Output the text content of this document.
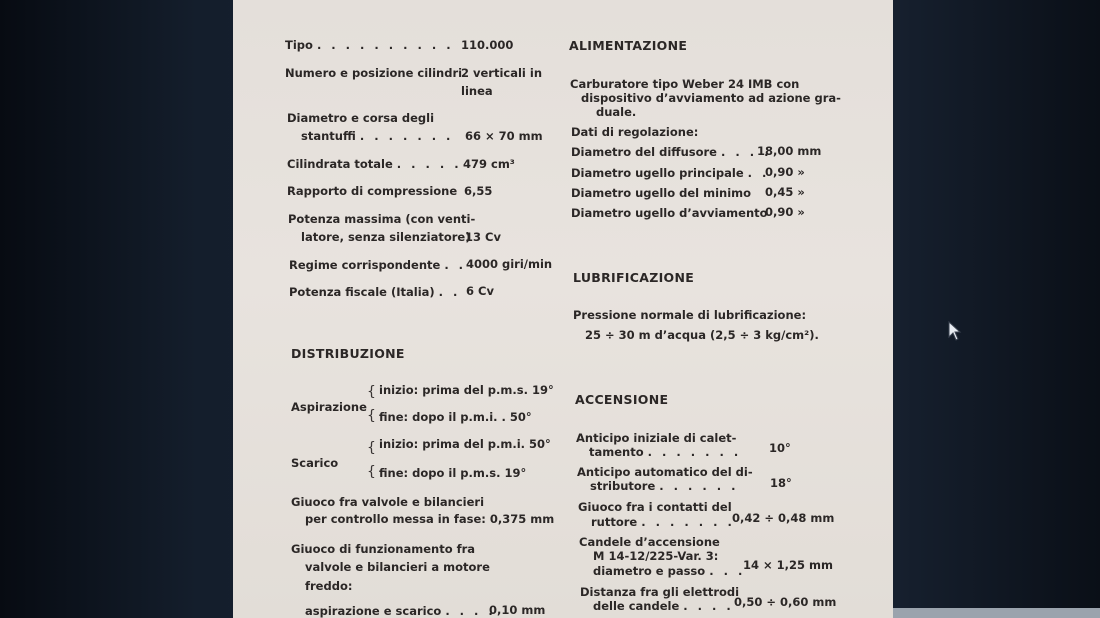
Tipo . . . . . . . . . . 110.000
Numero e posizione cilindri
2 verticali in
linea
Diametro e corsa degli
stantuffi . . . . . . . 66 × 70 mm
Cilindrata totale . . . . . 479 cm³
Rapporto di compressione 6,55
Potenza massima (con venti-
latore, senza silenziatore)
13 Cv
Regime corrispondente . . 4000 giri/min
Potenza fiscale (Italia) . . 6 Cv
DISTRIBUZIONE
Aspirazione
{
{
inizio: prima del p.m.s. 19°
fine: dopo il p.m.i. . 50°
Scarico
{
{
inizio: prima del p.m.i. 50°
fine: dopo il p.m.s. 19°
Giuoco fra valvole e bilancieri
per controllo messa in fase: 0,375 mm
Giuoco di funzionamento fra
valvole e bilancieri a motore
freddo:
aspirazione e scarico . . . .
0,10 mm
ALIMENTAZIONE
Carburatore tipo Weber 24 IMB con
dispositivo d’avviamento ad azione gra-
duale.
Dati di regolazione:
Diametro del diffusore . . . .
18,00 mm
Diametro ugello principale . .
0,90 »
Diametro ugello del minimo 0,45 »
Diametro ugello d’avviamento
0,90 »
LUBRIFICAZIONE
Pressione normale di lubrificazione:
25 ÷ 30 m d’acqua (2,5 ÷ 3 kg/cm²).
ACCENSIONE
Anticipo iniziale di calet-
tamento . . . . . . . 10°
Anticipo automatico del di-
stributore . . . . . .	18°
Giuoco fra i contatti del
ruttore . . . . . . .
0,42 ÷ 0,48 mm
Candele d’accensione
M 14-12/225-Var. 3:
diametro e passo . . .
14 × 1,25 mm
Distanza fra gli elettrodi
delle candele . . . . 0,50 ÷ 0,60 mm
